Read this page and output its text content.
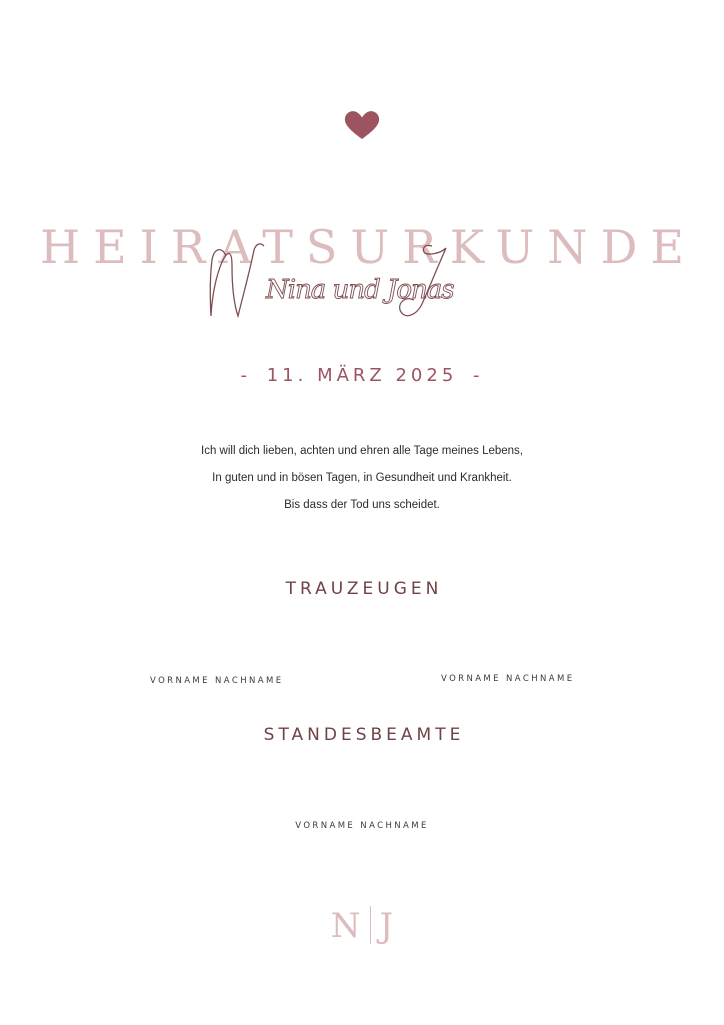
HEIRATSURKUNDE
Nina und Jonas
- 11. MÄRZ 2025 -
Ich will dich lieben, achten und ehren alle Tage meines Lebens,
In guten und in bösen Tagen, in Gesundheit und Krankheit.
Bis dass der Tod uns scheidet.
TRAUZEUGEN
VORNAME NACHNAME	VORNAME NACHNAME
STANDESBEAMTE
VORNAME NACHNAME
N J
